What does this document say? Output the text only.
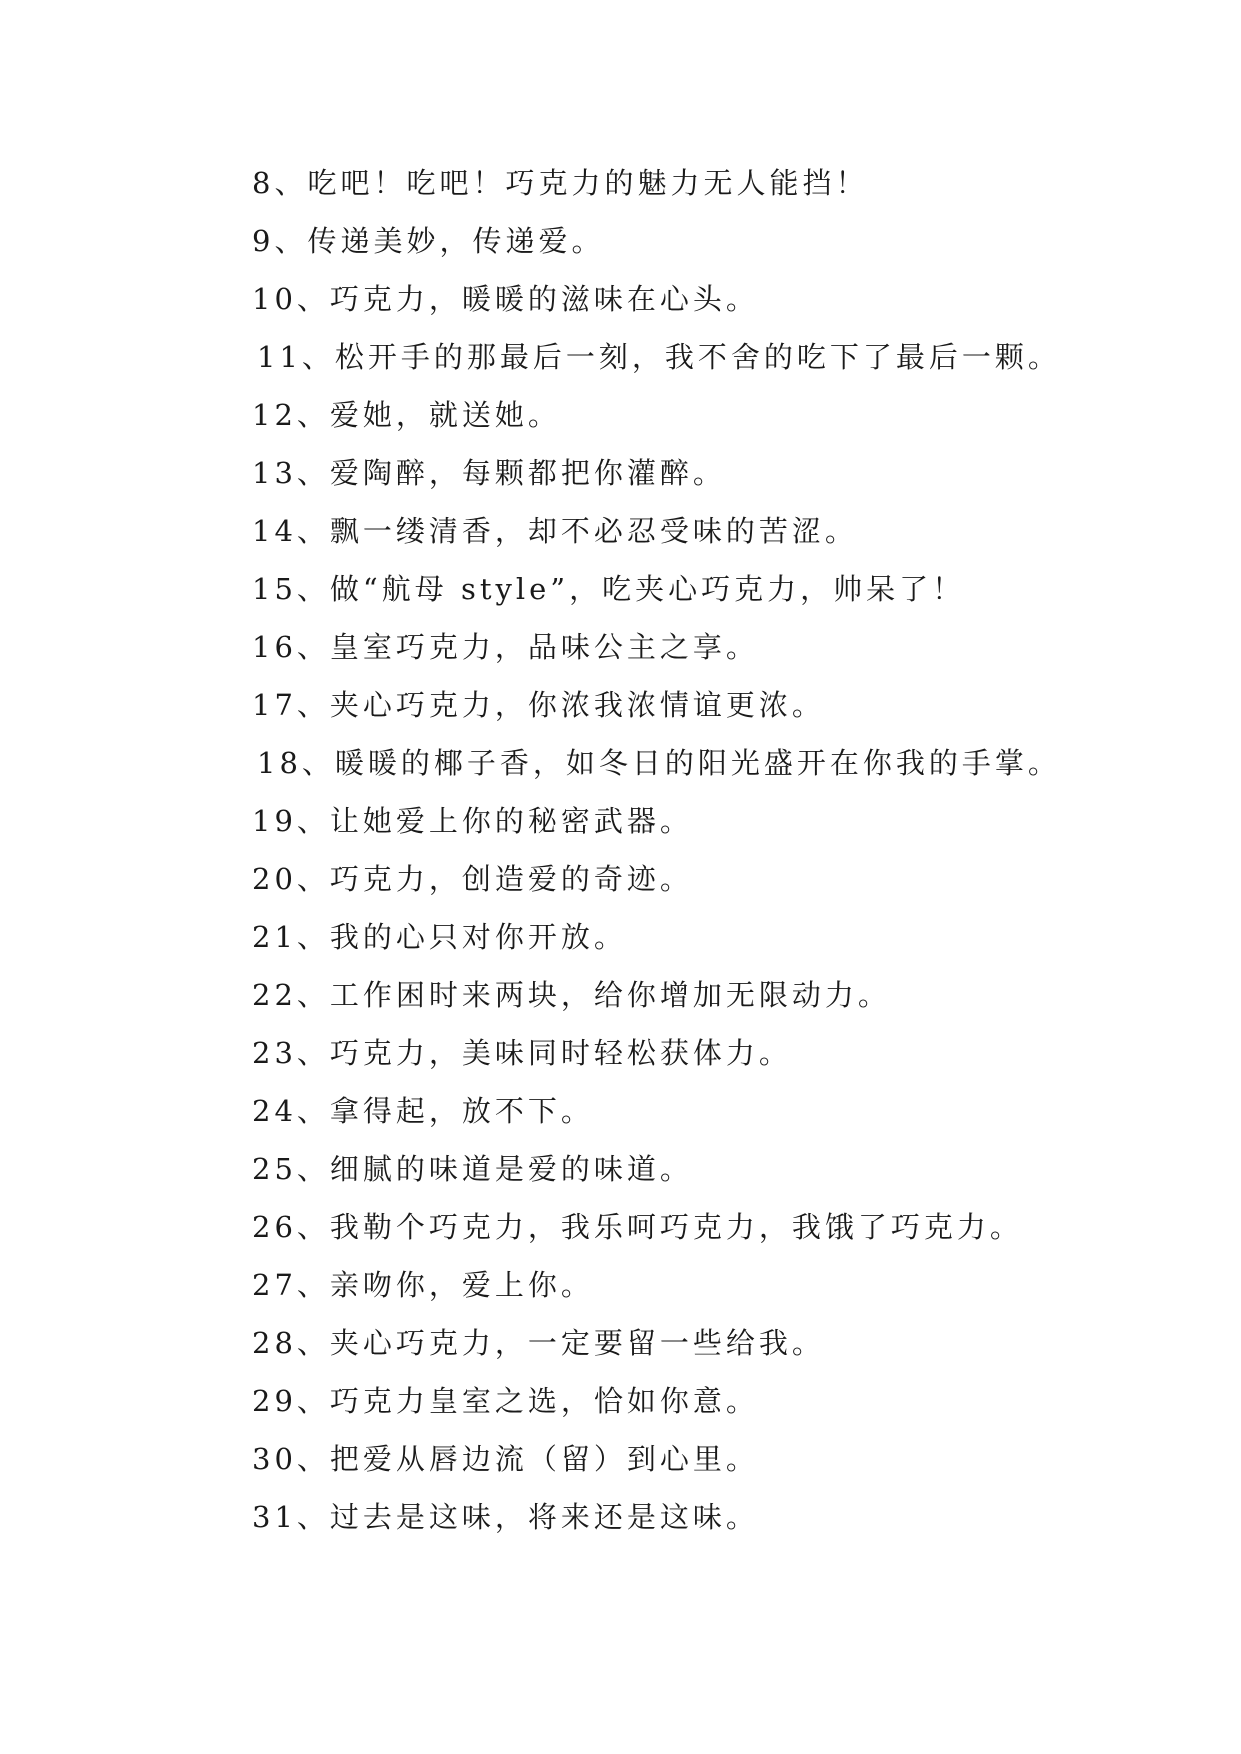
8、吃吧！吃吧！巧克力的魅力无人能挡！
9、传递美妙，传递爱。
10、巧克力，暖暖的滋味在心头。
11、松开手的那最后一刻，我不舍的吃下了最后一颗。
12、爱她，就送她。
13、爱陶醉，每颗都把你灌醉。
14、飘一缕清香，却不必忍受味的苦涩。
15、做“航母 style”，吃夹心巧克力，帅呆了！
16、皇室巧克力，品味公主之享。
17、夹心巧克力，你浓我浓情谊更浓。
18、暖暖的椰子香，如冬日的阳光盛开在你我的手掌。
19、让她爱上你的秘密武器。
20、巧克力，创造爱的奇迹。
21、我的心只对你开放。
22、工作困时来两块，给你增加无限动力。
23、巧克力，美味同时轻松获体力。
24、拿得起，放不下。
25、细腻的味道是爱的味道。
26、我勒个巧克力，我乐呵巧克力，我饿了巧克力。
27、亲吻你，爱上你。
28、夹心巧克力，一定要留一些给我。
29、巧克力皇室之选，恰如你意。
30、把爱从唇边流（留）到心里。
31、过去是这味，将来还是这味。
